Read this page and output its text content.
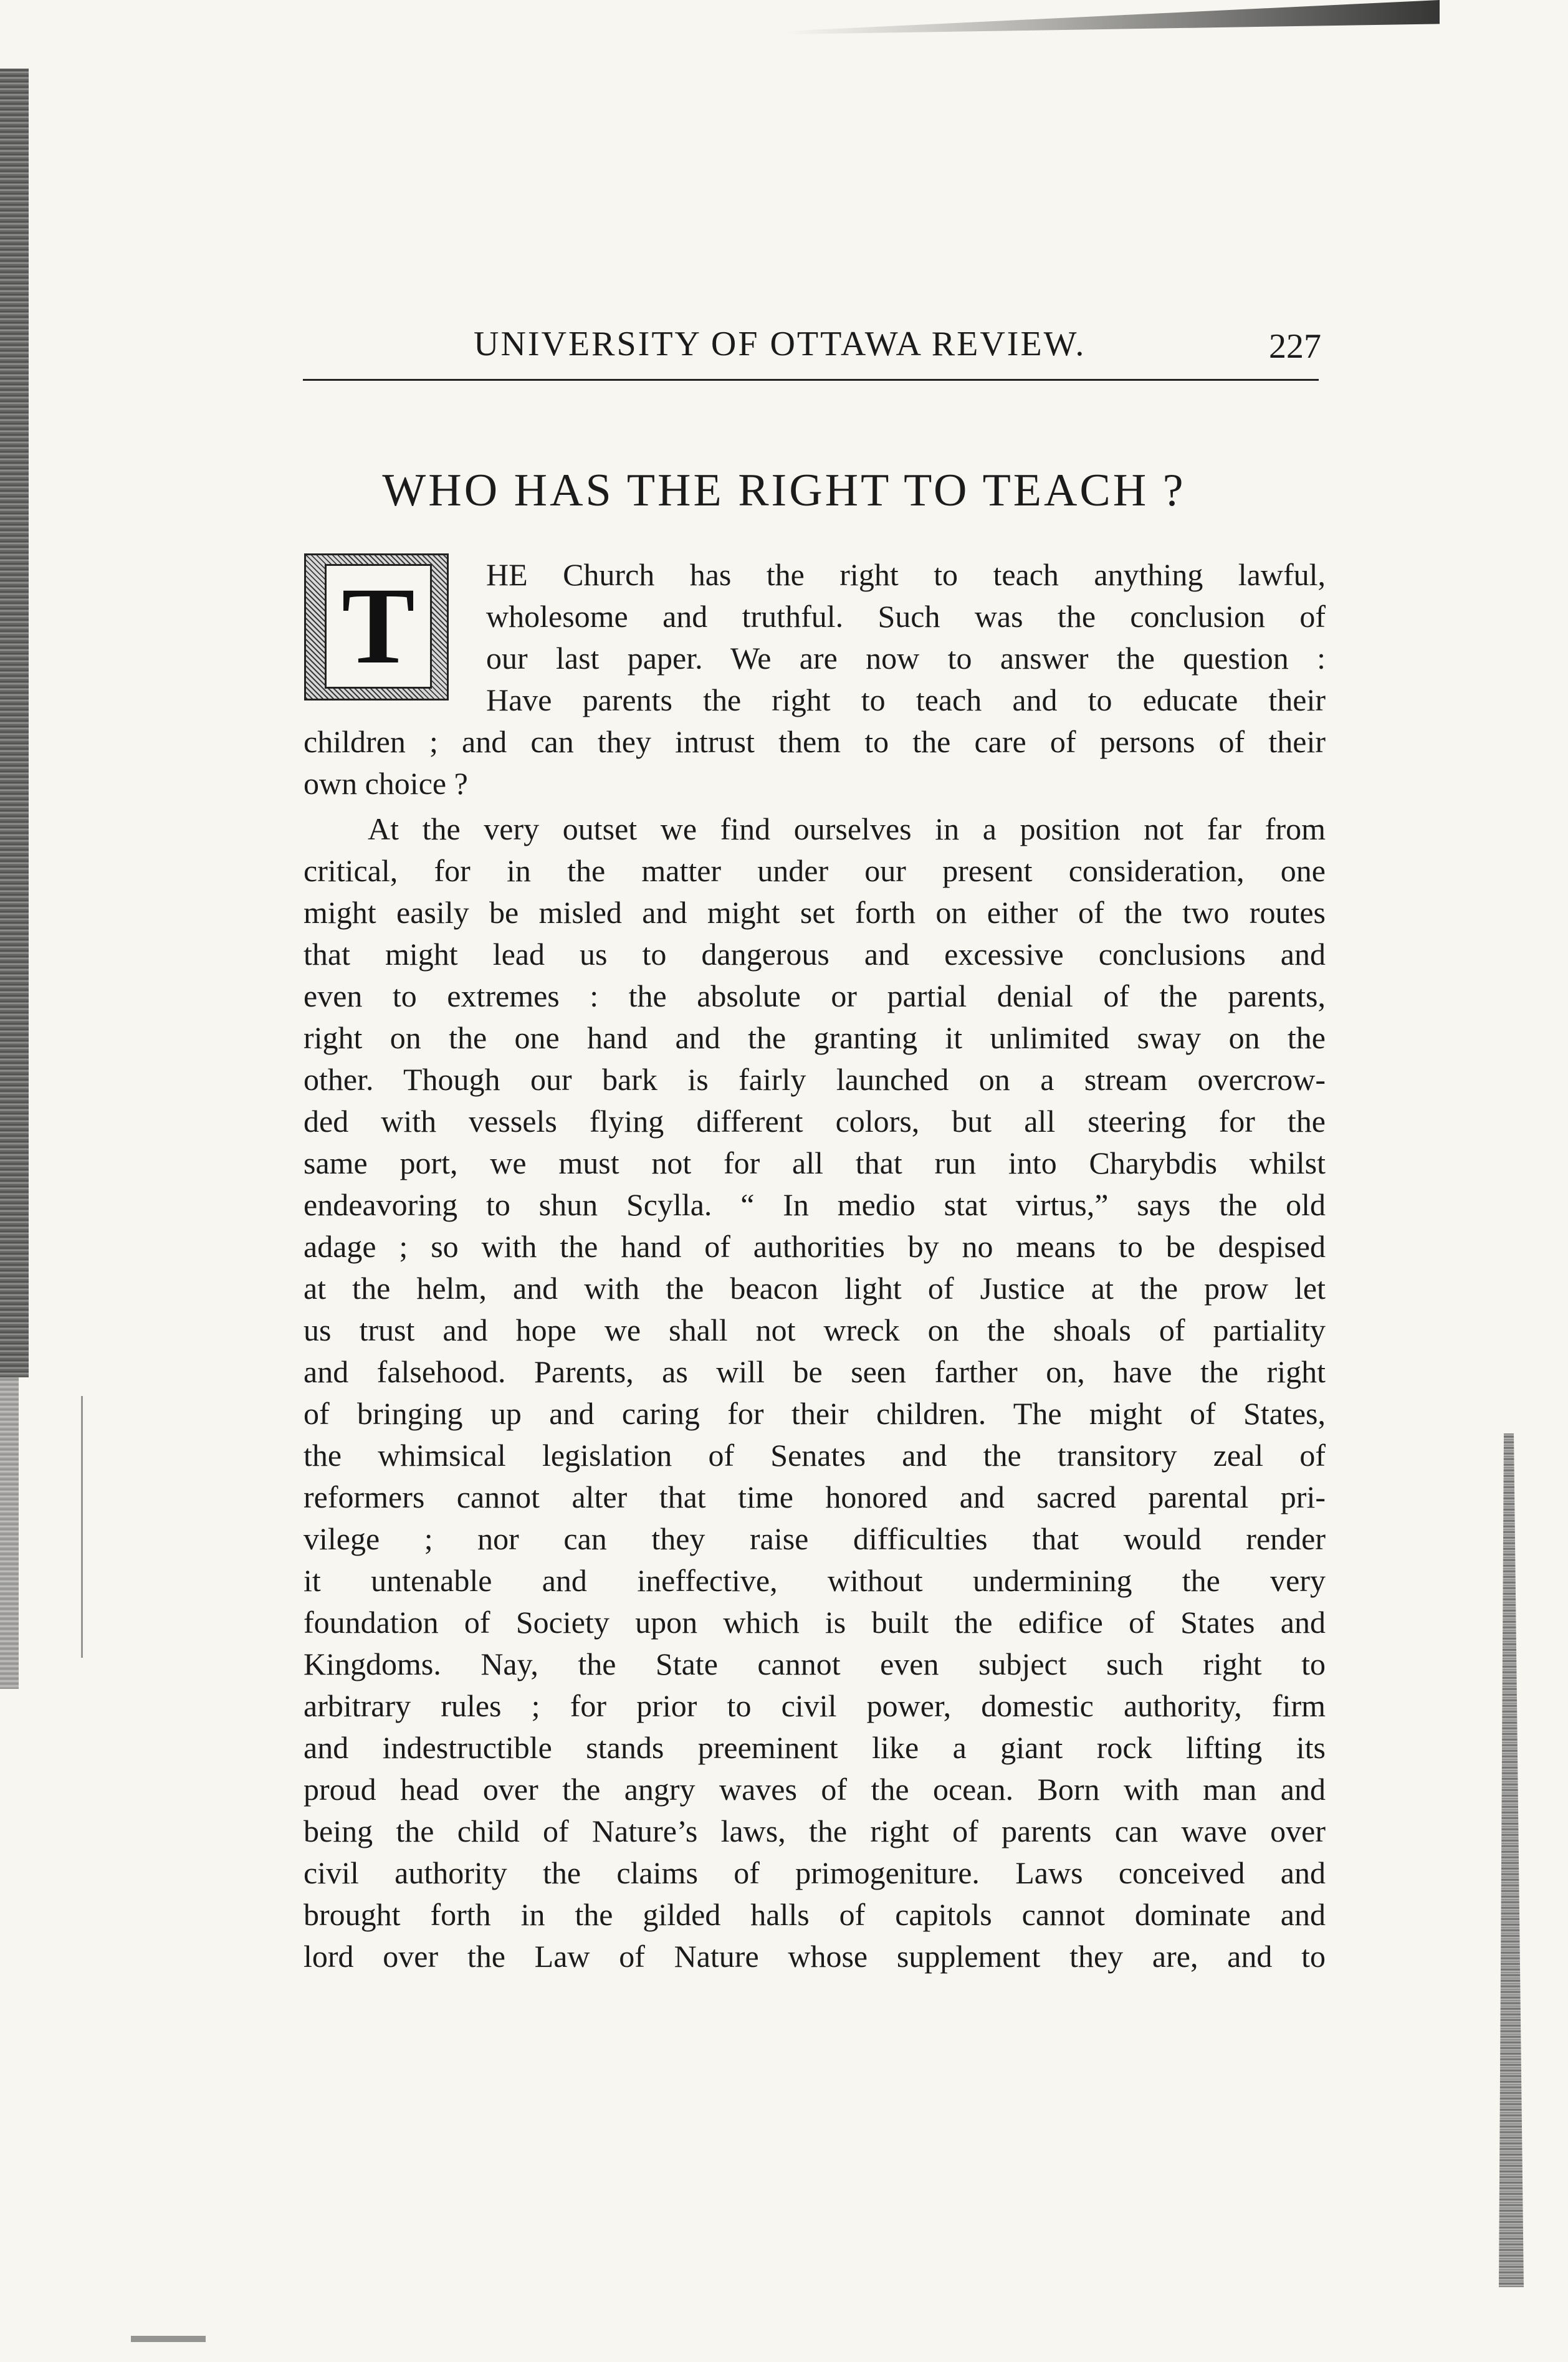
UNIVERSITY OF OTTAWA REVIEW.	227
WHO HAS THE RIGHT TO TEACH ?
T	HE Church has the right to teach anything lawful,
wholesome and truthful. Such was the conclusion of
our last paper. We are now to answer the question :
Have parents the right to teach and to educate their
children ; and can they intrust them to the care of persons of their
own choice ?
At the very outset we find ourselves in a position not far from
critical, for in the matter under our present consideration, one
might easily be misled and might set forth on either of the two routes
that might lead us to dangerous and excessive conclusions and
even to extremes : the absolute or partial denial of the parents,
right on the one hand and the granting it unlimited sway on the
other. Though our bark is fairly launched on a stream overcrow-
ded with vessels flying different colors, but all steering for the
same port, we must not for all that run into Charybdis whilst
endeavoring to shun Scylla. “ In medio stat virtus,” says the old
adage ; so with the hand of authorities by no means to be despised
at the helm, and with the beacon light of Justice at the prow let
us trust and hope we shall not wreck on the shoals of partiality
and falsehood. Parents, as will be seen farther on, have the right
of bringing up and caring for their children. The might of States,
the whimsical legislation of Senates and the transitory zeal of
reformers cannot alter that time honored and sacred parental pri-
vilege ; nor can they raise difficulties that would render
it untenable and ineffective, without undermining the very
foundation of Society upon which is built the edifice of States and
Kingdoms. Nay, the State cannot even subject such right to
arbitrary rules ; for prior to civil power, domestic authority, firm
and indestructible stands preeminent like a giant rock lifting its
proud head over the angry waves of the ocean. Born with man and
being the child of Nature’s laws, the right of parents can wave over
civil authority the claims of primogeniture. Laws conceived and
brought forth in the gilded halls of capitols cannot dominate and
lord over the Law of Nature whose supplement they are, and to
